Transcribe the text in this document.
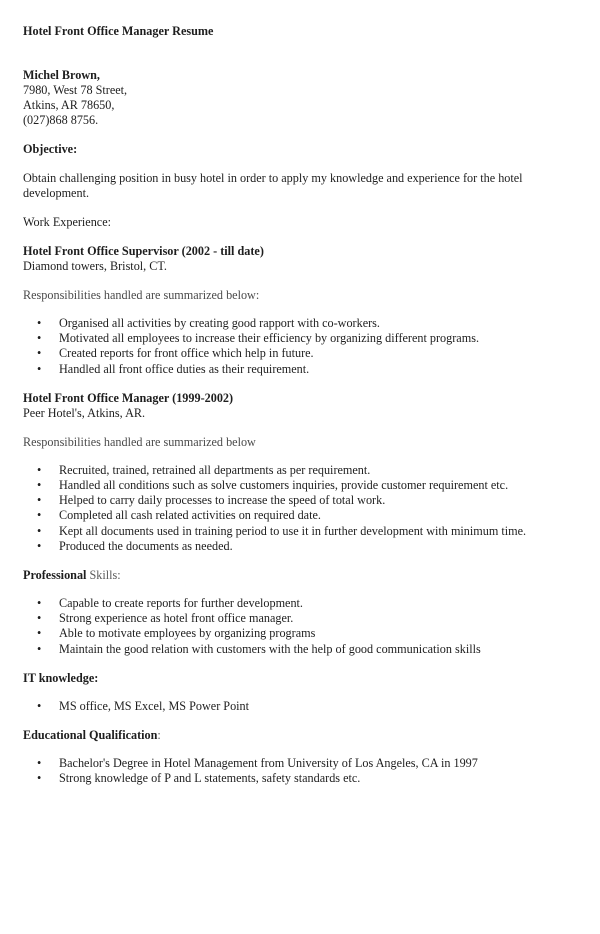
Hotel Front Office Manager Resume
Michel Brown,
7980, West 78 Street,
Atkins, AR 78650,
(027)868 8756.
Objective:
Obtain challenging position in busy hotel in order to apply my knowledge and experience for the hotel development.
Work Experience:
Hotel Front Office Supervisor (2002 - till date)
Diamond towers, Bristol, CT.
Responsibilities handled are summarized below:
• Organised all activities by creating good rapport with co-workers.
• Motivated all employees to increase their efficiency by organizing different programs.
• Created reports for front office which help in future.
• Handled all front office duties as their requirement.
Hotel Front Office Manager (1999-2002)
Peer Hotel's, Atkins, AR.
Responsibilities handled are summarized below
• Recruited, trained, retrained all departments as per requirement.
• Handled all conditions such as solve customers inquiries, provide customer requirement etc.
• Helped to carry daily processes to increase the speed of total work.
• Completed all cash related activities on required date.
• Kept all documents used in training period to use it in further development with minimum time.
• Produced the documents as needed.
Professional Skills:
• Capable to create reports for further development.
• Strong experience as hotel front office manager.
• Able to motivate employees by organizing programs
• Maintain the good relation with customers with the help of good communication skills
IT knowledge:
• MS office, MS Excel, MS Power Point
Educational Qualification:
• Bachelor's Degree in Hotel Management from University of Los Angeles, CA in 1997
• Strong knowledge of P and L statements, safety standards etc.
